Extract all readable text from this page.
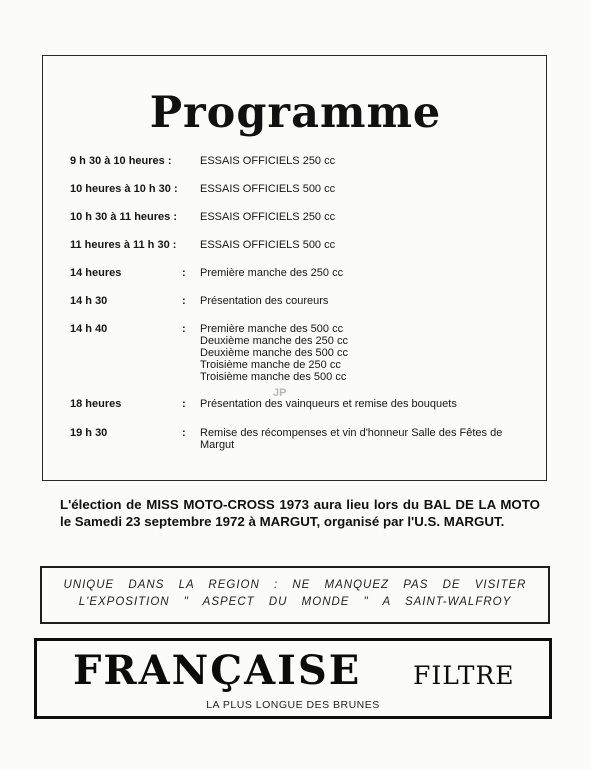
Programme
9 h 30 à 10 heures :	ESSAIS OFFICIELS 250 cc
10 heures à 10 h 30 : ESSAIS OFFICIELS 500 cc
10 h 30 à 11 heures : ESSAIS OFFICIELS 250 cc
11 heures à 11 h 30 : ESSAIS OFFICIELS 500 cc
14 heures	: Première manche des 250 cc
14 h 30	: Présentation des coureurs
14 h 40	: Première manche des 500 cc
Deuxième manche des 250 cc
Deuxième manche des 500 cc
Troisième manche de 250 cc
Troisième manche des 500 cc
18 heures	: Présentation des vainqueurs et remise des bouquets
19 h 30	: Remise des récompenses et vin d'honneur Salle des Fêtes de Margut
JP
L'élection de MISS MOTO-CROSS 1973 aura lieu lors du BAL DE LA MOTO le Samedi 23 septembre 1972 à MARGUT, organisé par l'U.S. MARGUT.
UNIQUE DANS LA REGION : NE MANQUEZ PAS DE VISITER
L'EXPOSITION " ASPECT DU MONDE " A SAINT-WALFROY
FRANÇAISE FILTRE
LA PLUS LONGUE DES BRUNES
